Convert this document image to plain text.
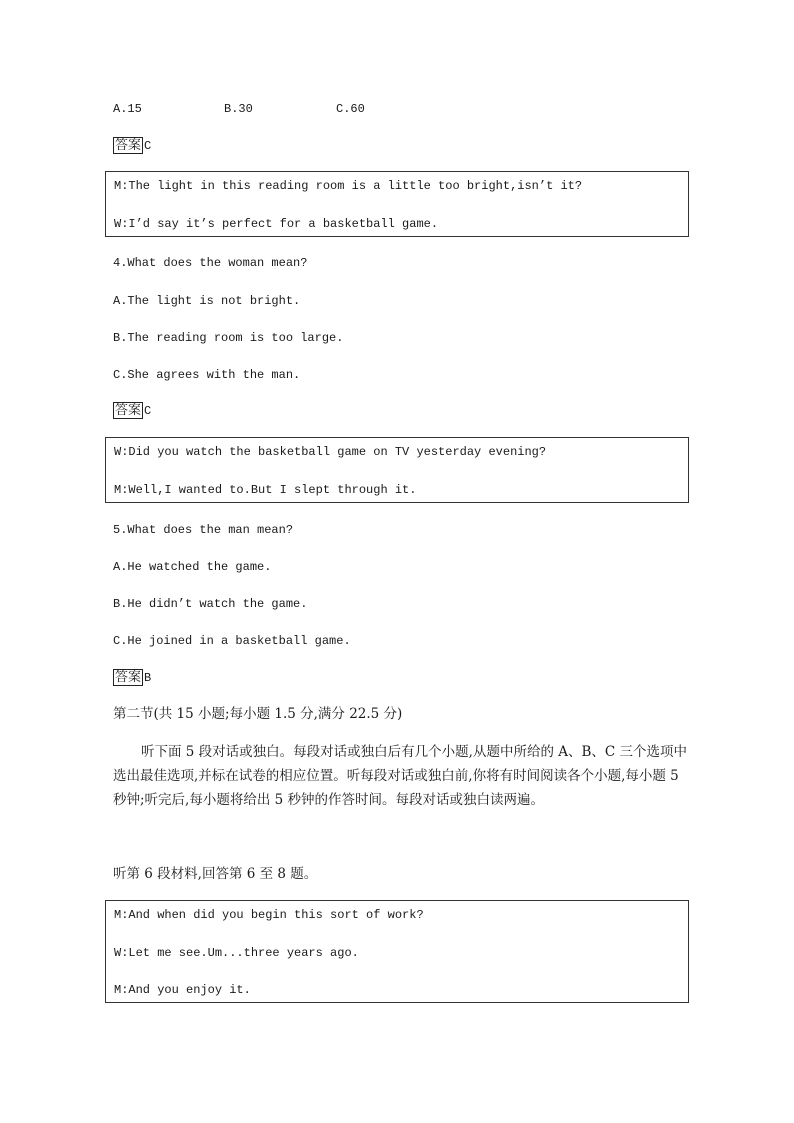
A.15	B.30	C.60
答案 C
M:The light in this reading room is a little too bright,isn’t it?
W:I’d say it’s perfect for a basketball game.
4.What does the woman mean?
A.The light is not bright.
B.The reading room is too large.
C.She agrees with the man.
答案 C
W:Did you watch the basketball game on TV yesterday evening?
M:Well,I wanted to.But I slept through it.
5.What does the man mean?
A.He watched the game.
B.He didn’t watch the game.
C.He joined in a basketball game.
答案 B
第二节(共 15 小题;每小题 1.5 分,满分 22.5 分)
听下面 5 段对话或独白。每段对话或独白后有几个小题,从题中所给的 A、B、C 三个选项中选出最佳选项,并标在试卷的相应位置。听每段对话或独白前,你将有时间阅读各个小题,每小题 5 秒钟;听完后,每小题将给出 5 秒钟的作答时间。每段对话或独白读两遍。
听第 6 段材料,回答第 6 至 8 题。
M:And when did you begin this sort of work?
W:Let me see.Um...three years ago.
M:And you enjoy it.
